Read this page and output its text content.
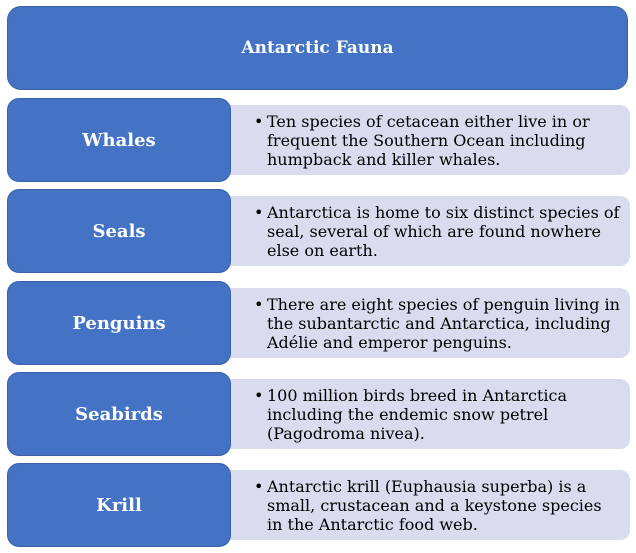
Antarctic Fauna
• Ten species of cetacean either live in or frequent the Southern Ocean including humpback and killer whales.
Whales
• Antarctica is home to six distinct species of seal, several of which are found nowhere else on earth.
Seals
• There are eight species of penguin living in the subantarctic and Antarctica, including Adélie and emperor penguins.
Penguins
• 100 million birds breed in Antarctica including the endemic snow petrel (Pagodroma nivea).
Seabirds
• Antarctic krill (Euphausia superba) is a small, crustacean and a keystone species in the Antarctic food web.
Krill
